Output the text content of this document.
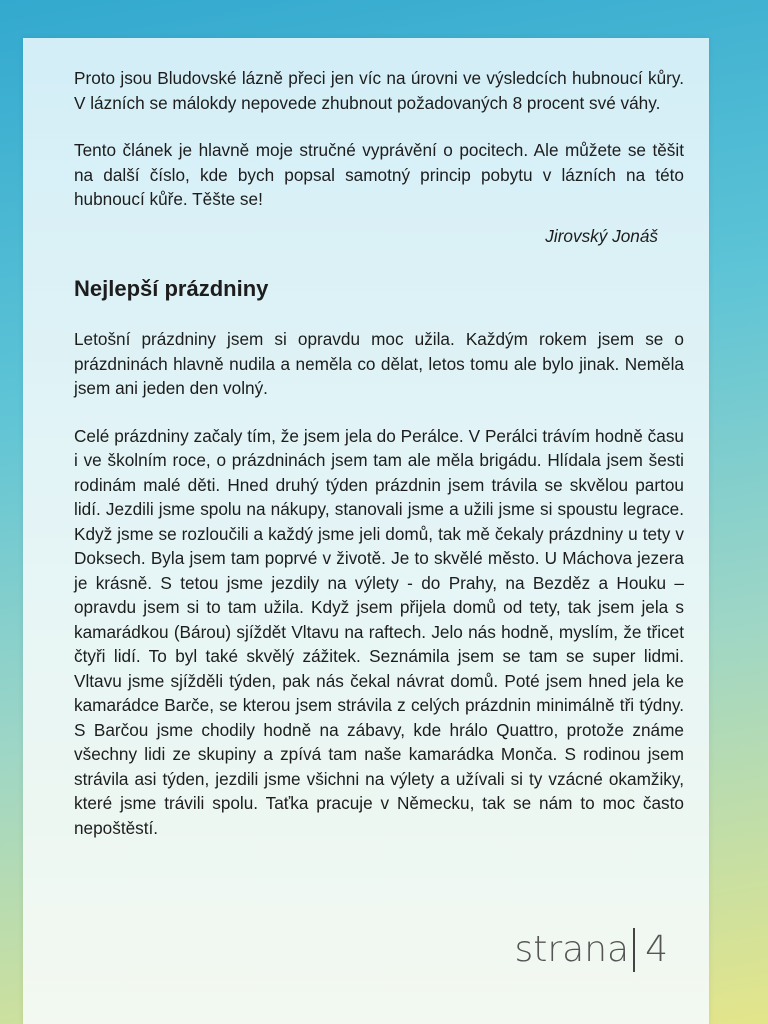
Proto jsou Bludovské lázně přeci jen víc na úrovni ve výsledcích hubnoucí kůry. V lázních se málokdy nepovede zhubnout požadovaných 8 procent své váhy.

Tento článek je hlavně moje stručné vyprávění o pocitech. Ale můžete se těšit na další číslo, kde bych popsal samotný princip pobytu v lázních na této hubnoucí kůře. Těšte se!

Jirovský Jonáš
Nejlepší prázdniny

Letošní prázdniny jsem si opravdu moc užila. Každým rokem jsem se o prázdninách hlavně nudila a neměla co dělat, letos tomu ale bylo jinak. Neměla jsem ani jeden den volný.

Celé prázdniny začaly tím, že jsem jela do Perálce. V Perálci trávím hodně času i ve školním roce, o prázdninách jsem tam ale měla brigádu. Hlídala jsem šesti rodinám malé děti. Hned druhý týden prázdnin jsem trávila se skvělou partou lidí. Jezdili jsme spolu na nákupy, stanovali jsme a užili jsme si spoustu legrace. Když jsme se rozloučili a každý jsme jeli domů, tak mě čekaly prázdniny u tety v Doksech. Byla jsem tam poprvé v životě. Je to skvělé město. U Máchova jezera je krásně. S tetou jsme jezdily na výlety - do Prahy, na Bezděz a Houku – opravdu jsem si to tam užila. Když jsem přijela domů od tety, tak jsem jela s kamarádkou (Bárou) sjíždět Vltavu na raftech. Jelo nás hodně, myslím, že třicet čtyři lidí. To byl také skvělý zážitek. Seznámila jsem se tam se super lidmi. Vltavu jsme sjížděli týden, pak nás čekal návrat domů. Poté jsem hned jela ke kamarádce Barče, se kterou jsem strávila z celých prázdnin minimálně tři týdny. S Barčou jsme chodily hodně na zábavy, kde hrálo Quattro, protože známe všechny lidi ze skupiny a zpívá tam naše kamarádka Monča. S rodinou jsem strávila asi týden, jezdili jsme všichni na výlety a užívali si ty vzácné okamžiky, které jsme trávili spolu. Taťka pracuje v Německu, tak se nám to moc často nepoštěstí.

strana 4
